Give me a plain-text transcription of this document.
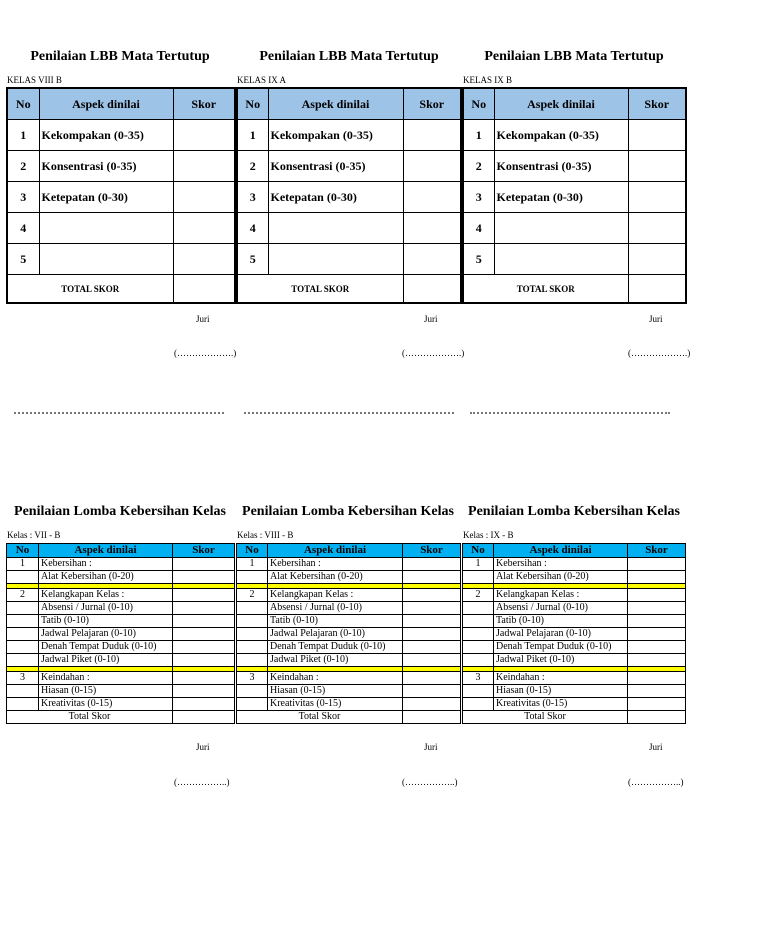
Penilaian LBB Mata Tertutup
KELAS VIII B
No	Aspek dinilai	Skor
1	Kekompakan (0-35)	
2	Konsentrasi (0-35)	
3	Ketepatan (0-30)	
4		
5		
TOTAL SKOR		
Juri
(……………….)
Penilaian LBB Mata Tertutup
KELAS IX A
No	Aspek dinilai	Skor
1	Kekompakan (0-35)	
2	Konsentrasi (0-35)	
3	Ketepatan (0-30)	
4		
5		
TOTAL SKOR		
Juri
(……………….)
Penilaian LBB Mata Tertutup
KELAS IX B
No	Aspek dinilai	Skor
1	Kekompakan (0-35)	
2	Konsentrasi (0-35)	
3	Ketepatan (0-30)	
4		
5		
TOTAL SKOR		
Juri
(……………….)
Penilaian Lomba Kebersihan Kelas
Kelas : VII - B
No	Aspek dinilai	Skor
1	Kebersihan :	
	Alat Kebersihan (0-20)	

2	Kelangkapan Kelas :	
	Absensi / Jurnal (0-10)	
	Tatib (0-10)	
	Jadwal Pelajaran (0-10)	
	Denah Tempat Duduk (0-10)	
	Jadwal Piket (0-10)	

3	Keindahan :	
	Hiasan (0-15)	
	Kreativitas (0-15)	
Total Skor		
Juri
(……………..)
Penilaian Lomba Kebersihan Kelas
Kelas : VIII - B
No	Aspek dinilai	Skor
1	Kebersihan :	
	Alat Kebersihan (0-20)	

2	Kelangkapan Kelas :	
	Absensi / Jurnal (0-10)	
	Tatib (0-10)	
	Jadwal Pelajaran (0-10)	
	Denah Tempat Duduk (0-10)	
	Jadwal Piket (0-10)	

3	Keindahan :	
	Hiasan (0-15)	
	Kreativitas (0-15)	
Total Skor		
Juri
(……………..)
Penilaian Lomba Kebersihan Kelas
Kelas : IX - B
No	Aspek dinilai	Skor
1	Kebersihan :	
	Alat Kebersihan (0-20)	

2	Kelangkapan Kelas :	
	Absensi / Jurnal (0-10)	
	Tatib (0-10)	
	Jadwal Pelajaran (0-10)	
	Denah Tempat Duduk (0-10)	
	Jadwal Piket (0-10)	

3	Keindahan :	
	Hiasan (0-15)	
	Kreativitas (0-15)	
Total Skor		
Juri
(……………..)
